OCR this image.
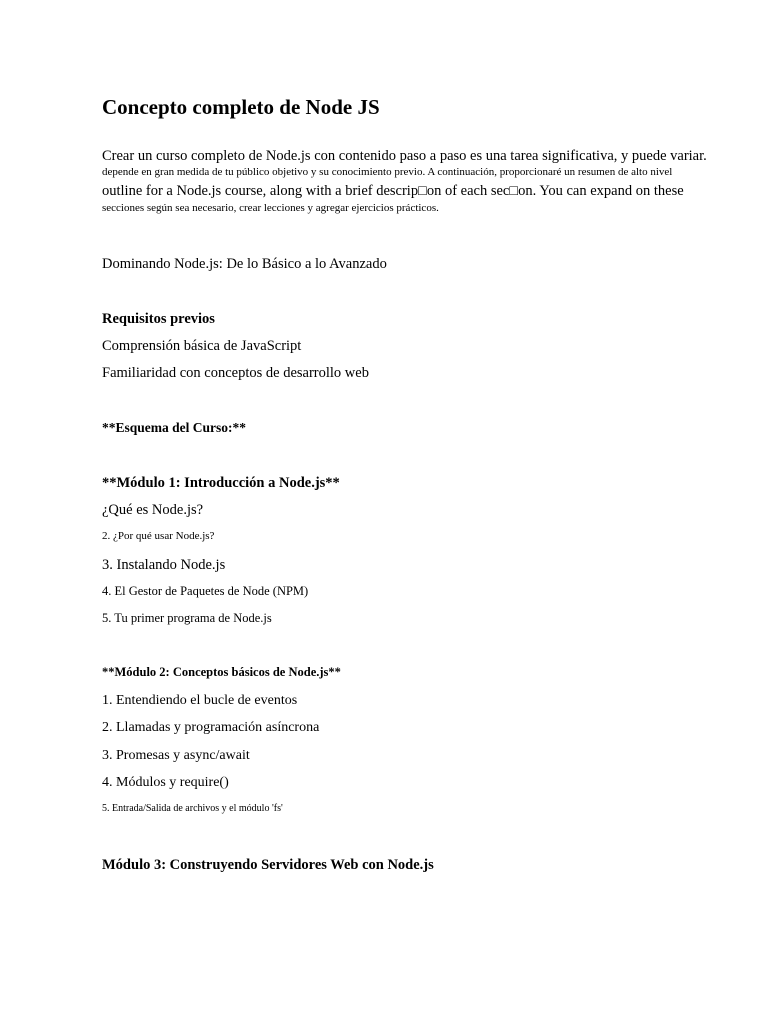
Concepto completo de Node JS
Crear un curso completo de Node.js con contenido paso a paso es una tarea significativa, y puede variar.
depende en gran medida de tu público objetivo y su conocimiento previo. A continuación, proporcionaré un resumen de alto nivel
outline for a Node.js course, along with a brief descrip□on of each sec□on. You can expand on these
secciones según sea necesario, crear lecciones y agregar ejercicios prácticos.
Dominando Node.js: De lo Básico a lo Avanzado
Requisitos previos
Comprensión básica de JavaScript
Familiaridad con conceptos de desarrollo web
**Esquema del Curso:**
**Módulo 1: Introducción a Node.js**
¿Qué es Node.js?
2. ¿Por qué usar Node.js?
3. Instalando Node.js
4. El Gestor de Paquetes de Node (NPM)
5. Tu primer programa de Node.js
**Módulo 2: Conceptos básicos de Node.js**
1. Entendiendo el bucle de eventos
2. Llamadas y programación asíncrona
3. Promesas y async/await
4. Módulos y require()
5. Entrada/Salida de archivos y el módulo 'fs'
Módulo 3: Construyendo Servidores Web con Node.js
